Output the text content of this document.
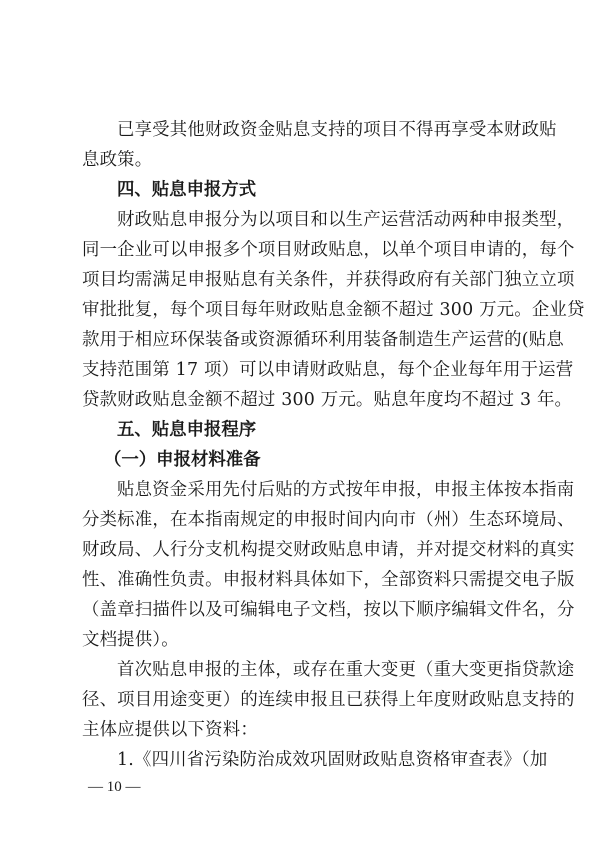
已享受其他财政资金贴息支持的项目不得再享受本财政贴
息政策。
四、贴息申报方式
财政贴息申报分为以项目和以生产运营活动两种申报类型，
同一企业可以申报多个项目财政贴息，以单个项目申请的，每个
项目均需满足申报贴息有关条件，并获得政府有关部门独立立项
审批批复，每个项目每年财政贴息金额不超过 300 万元。企业贷
款用于相应环保装备或资源循环利用装备制造生产运营的(贴息
支持范围第 17 项）可以申请财政贴息，每个企业每年用于运营
贷款财政贴息金额不超过 300 万元。贴息年度均不超过 3 年。
五、贴息申报程序
（一）申报材料准备
贴息资金采用先付后贴的方式按年申报，申报主体按本指南
分类标准，在本指南规定的申报时间内向市（州）生态环境局、
财政局、人行分支机构提交财政贴息申请，并对提交材料的真实
性、准确性负责。申报材料具体如下，全部资料只需提交电子版
（盖章扫描件以及可编辑电子文档，按以下顺序编辑文件名，分
文档提供）。
首次贴息申报的主体，或存在重大变更（重大变更指贷款途
径、项目用途变更）的连续申报且已获得上年度财政贴息支持的
主体应提供以下资料：
1.《四川省污染防治成效巩固财政贴息资格审查表》（加
— 10 —
